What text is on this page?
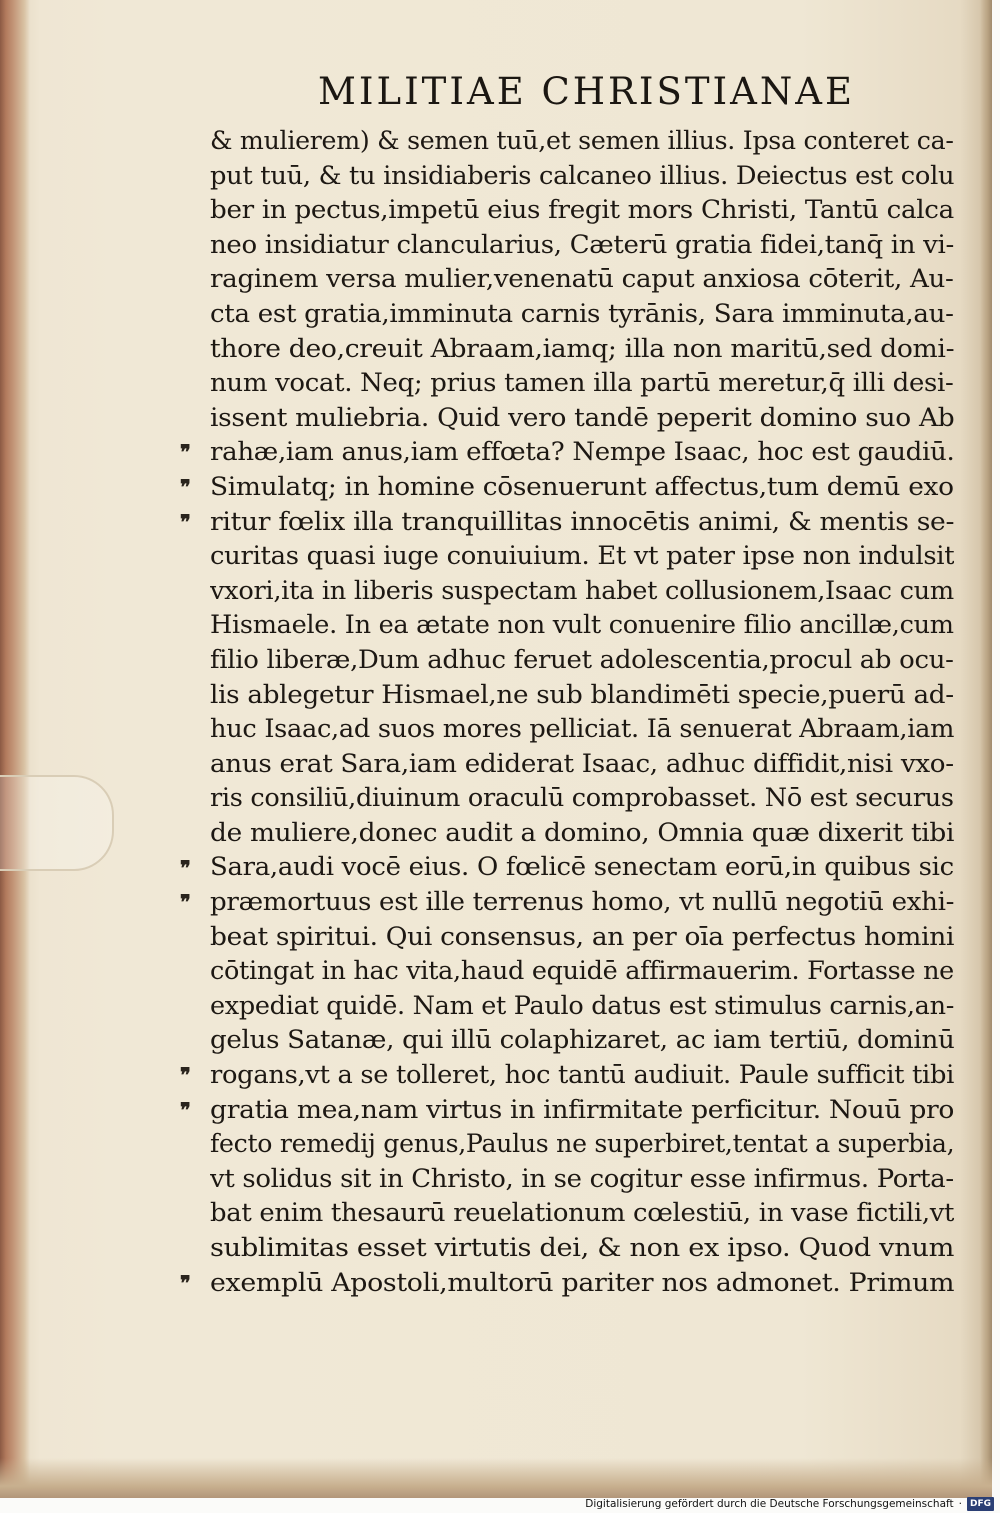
MILITIAE CHRISTIANAE
& mulierem) & semen tuū,et semen illius. Ipsa conteret ca-
put tuū, & tu insidiaberis calcaneo illius. Deiectus est colu
ber in pectus,impetū eius fregit mors Christi, Tantū calca
neo insidiatur clancularius, Cæterū gratia fidei,tanq̄ in vi-
raginem versa mulier,venenatū caput anxiosa cōterit, Au-
cta est gratia,imminuta carnis tyrānis, Sara imminuta,au-
thore deo,creuit Abraam,iamq; illa non maritū,sed domi-
num vocat. Neq; prius tamen illa partū meretur,q̄ illi desi-
issent muliebria. Quid vero tandē peperit domino suo Ab
rahæ,iam anus,iam effœta? Nempe Isaac, hoc est gaudiū.
Simulatq; in homine cōsenuerunt affectus,tum demū exo
ritur fœlix illa tranquillitas innocētis animi, & mentis se-
curitas quasi iuge conuiuium. Et vt pater ipse non indulsit
vxori,ita in liberis suspectam habet collusionem,Isaac cum
Hismaele. In ea ætate non vult conuenire filio ancillæ,cum
filio liberæ,Dum adhuc feruet adolescentia,procul ab ocu-
lis ablegetur Hismael,ne sub blandimēti specie,puerū ad-
huc Isaac,ad suos mores pelliciat. Iā senuerat Abraam,iam
anus erat Sara,iam ediderat Isaac, adhuc diffidit,nisi vxo-
ris consiliū,diuinum oraculū comprobasset. Nō est securus
de muliere,donec audit a domino, Omnia quæ dixerit tibi
Sara,audi vocē eius. O fœlicē senectam eorū,in quibus sic
præmortuus est ille terrenus homo, vt nullū negotiū exhi-
beat spiritui. Qui consensus, an per oīa perfectus homini
cōtingat in hac vita,haud equidē affirmauerim. Fortasse ne
expediat quidē. Nam et Paulo datus est stimulus carnis,an-
gelus Satanæ, qui illū colaphizaret, ac iam tertiū, dominū
rogans,vt a se tolleret, hoc tantū audiuit. Paule sufficit tibi
gratia mea,nam virtus in infirmitate perficitur. Nouū pro
fecto remedij genus,Paulus ne superbiret,tentat a superbia,
vt solidus sit in Christo, in se cogitur esse infirmus. Porta-
bat enim thesaurū reuelationum cœlestiū, in vase fictili,vt
sublimitas esset virtutis dei, & non ex ipso. Quod vnum
exemplū Apostoli,multorū pariter nos admonet. Primum
❞
❞
❞
❞
❞
❞
❞
❞
Digitalisierung gefördert durch die Deutsche Forschungsgemeinschaft · DFG
